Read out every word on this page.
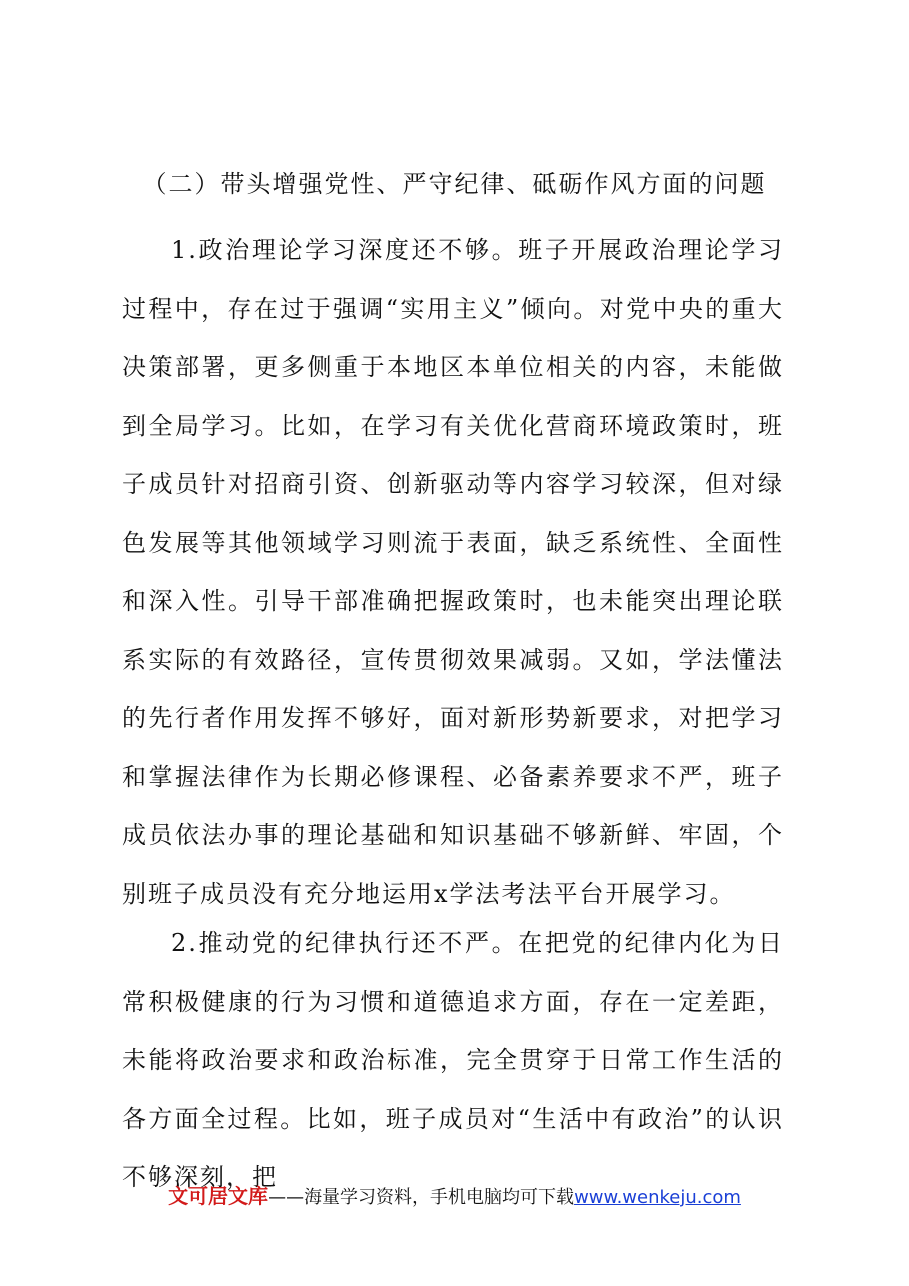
（二）带头增强党性、严守纪律、砥砺作风方面的问题

1.政治理论学习深度还不够。班子开展政治理论学习过程中，存在过于强调“实用主义”倾向。对党中央的重大决策部署，更多侧重于本地区本单位相关的内容，未能做到全局学习。比如，在学习有关优化营商环境政策时，班子成员针对招商引资、创新驱动等内容学习较深，但对绿色发展等其他领域学习则流于表面，缺乏系统性、全面性和深入性。引导干部准确把握政策时，也未能突出理论联系实际的有效路径，宣传贯彻效果减弱。又如，学法懂法的先行者作用发挥不够好，面对新形势新要求，对把学习和掌握法律作为长期必修课程、必备素养要求不严，班子成员依法办事的理论基础和知识基础不够新鲜、牢固，个别班子成员没有充分地运用x学法考法平台开展学习。

2.推动党的纪律执行还不严。在把党的纪律内化为日常积极健康的行为习惯和道德追求方面，存在一定差距，未能将政治要求和政治标准，完全贯穿于日常工作生活的各方面全过程。比如，班子成员对“生活中有政治”的认识不够深刻，把

文可居文库——海量学习资料，手机电脑均可下载www.wenkeju.com
